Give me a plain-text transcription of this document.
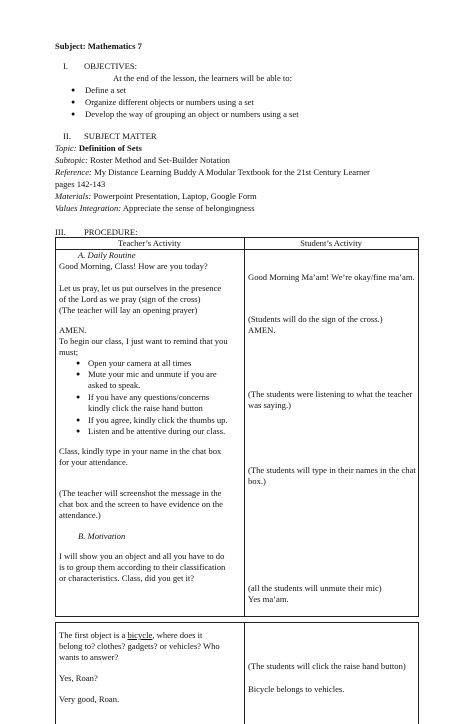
Subject: Mathematics 7
I. OBJECTIVES:
At the end of the lesson, the learners will be able to:
● Define a set
● Organize different objects or numbers using a set
● Develop the way of grouping an object or numbers using a set
II. SUBJECT MATTER
Topic: Definition of Sets
Subtopic: Roster Method and Set-Builder Notation
Reference: My Distance Learning Buddy A Modular Textbook for the 21st Century Learner
pages 142-143
Materials: Powerpoint Presentation, Laptop, Google Form
Values Integration: Appreciate the sense of belongingness
III. PROCEDURE:
Teacher’s Activity	Student’s Activity
A. Daily Routine
Good Morning, Class! How are you today?
Let us pray, let us put ourselves in the presence
of the Lord as we pray (sign of the cross)
(The teacher will lay an opening prayer)
AMEN.
To begin our class, I just want to remind that you
must;
● Open your camera at all times
● Mute your mic and unmute if you are
asked to speak.
● If you have any questions/concerns
kindly click the raise hand button
● If you agree, kindly click the thumbs up.
● Listen and be attentive during our class.
Class, kindly type in your name in the chat box
for your attendance.
(The teacher will screenshot the message in the
chat box and the screen to have evidence on the
attendance.)
B. Motivation
I will show you an object and all you have to do
is to group them according to their classification
or characteristics. Class, did you get it?
The first object is a bicycle, where does it
belong to? clothes? gadgets? or vehicles? Who
wants to answer?
Yes, Roan?
Very good, Roan.
Good Morning Ma’am! We’re okay/fine ma’am.
(Students will do the sign of the cross.)
AMEN.
(The students were listening to what the teacher
was saying.)
(The students will type in their names in the chat
box.)
(all the students will unmute their mic)
Yes ma’am.
(The students will click the raise hand button)
Bicycle belongs to vehicles.
